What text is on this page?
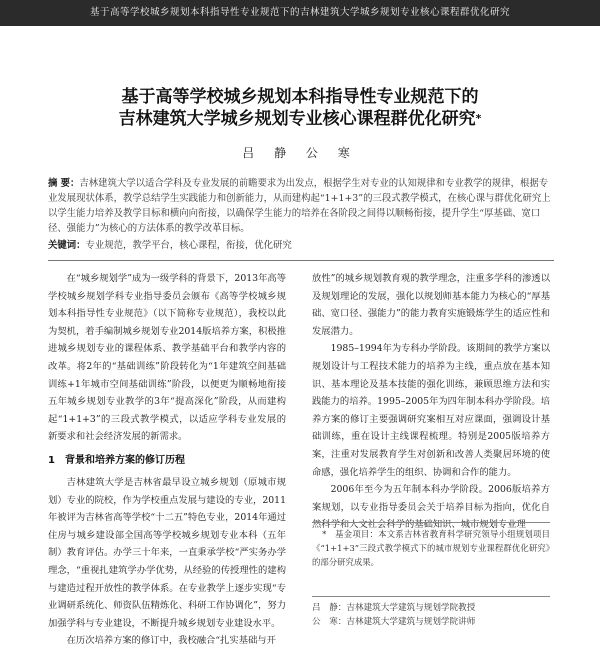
基于高等学校城乡规划本科指导性专业规范下的吉林建筑大学城乡规划专业核心课程群优化研究
基于高等学校城乡规划本科指导性专业规范下的
吉林建筑大学城乡规划专业核心课程群优化研究*
吕 静 公 寒
摘 要：吉林建筑大学以适合学科及专业发展的前瞻要求为出发点，根据学生对专业的认知规律和专业教学的规律，根据专业发展现状体系，教学总结学生实践能力和创新能力，从而建构起“1+1+3”的三段式教学模式，在核心课与群优化研究上以学生能力培养及教学目标和横向向衔接，以确保学生能力的培养在各阶段之间得以顺畅衔接，提升学生“厚基础、宽口径、强能力”为核心的方法体系的教学改革目标。
关键词：专业规范，教学平台，核心课程，衔接，优化研究

在“城乡规划学”成为一级学科的背景下，2013年高等学校城乡规划学科专业指导委员会颁布《高等学校城乡规划本科指导性专业规范》（以下简称专业规范），我校以此为契机，着手编制城乡规划专业2014版培养方案，积极推进城乡规划专业的课程体系、教学基础平台和教学内容的改革。将2年的“基础训练”阶段转化为“1年建筑空间基础训练+1年城市空间基础训练”阶段，以便更为顺畅地衔接五年城乡规划专业教学的3年“提高深化”阶段，从而建构起“1+1+3”的三段式教学模式，以适应学科专业发展的新要求和社会经济发展的新需求。

1　背景和培养方案的修订历程

吉林建筑大学是吉林省最早设立城乡规划（原城市规划）专业的院校，作为学校重点发展与建设的专业，2011年被评为吉林省高等学校“十二五”特色专业，2014年通过住房与城乡建设部全国高等学校城乡规划专业本科（五年制）教育评估。办学三十年来，一直秉承学校“严实务办学理念，“重视扎建筑学办学优势，从经验的传授理性的建构与建造过程开放性的教学体系。在专业教学上逐步实现“专业调研系统化、师资队伍精炼化、科研工作协调化”，努力加强学科与专业建设，不断提升城乡规划专业建设水平。

在历次培养方案的修订中，我校融合“扎实基础与开

放性”的城乡规划教育观的教学理念，注重多学科的渗透以及规划理论的发展，强化以规划师基本能力为核心的“厚基础、宽口径、强能力”的能力教育实施锻炼学生的适应性和发展潜力。

1985–1994年为专科办学阶段。该期间的教学方案以规划设计与工程技术能力的培养为主线，重点放在基本知识、基本理论及基本技能的强化训练，兼顾思维方法和实践能力的培养。1995–2005年为四年制本科办学阶段。培养方案的修订主要强调研究案相互对应课面，强调设计基础训练，重在设计主线课程梳理。特别是2005版培养方案，注重对发展教育学生对创新和改善人类聚居环境的使命感，强化培养学生的组织、协调和合作的能力。

2006年至今为五年制本科办学阶段。2006版培养方案规划，以专业指导委员会关于培养目标为指向，优化自然科学和人文社会科学的基础知识、城市规划专业理

*　 基金项目：本文系吉林省教育科学研究领导小组规划项目《“1+1+3”三段式教学模式下的城市规划专业课程群优化研究》的部分研究成果。

吕　静：吉林建筑大学建筑与规划学院教授
公　寒：吉林建筑大学建筑与规划学院讲师
